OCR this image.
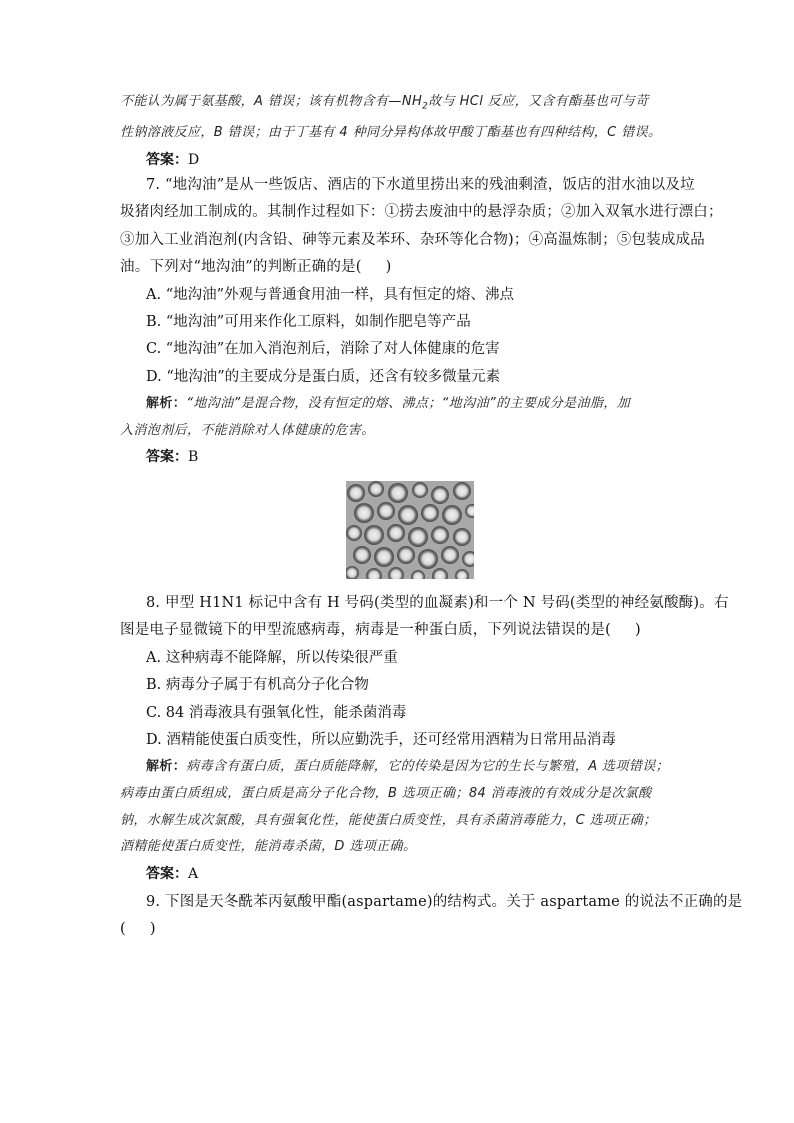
不能认为属于氨基酸，A 错误；该有机物含有$—NH_2$故与 HCl 反应，又含有酯基也可与苛

性钠溶液反应，B 错误；由于丁基有 4 种同分异构体故甲酸丁酯基也有四种结构，C 错误。

答案：D

7. “地沟油”是从一些饭店、酒店的下水道里捞出来的残油剩渣，饭店的泔水油以及垃

圾猪肉经加工制成的。其制作过程如下：①捞去废油中的悬浮杂质；②加入双氧水进行漂白；

③加入工业消泡剂(内含铅、砷等元素及苯环、杂环等化合物)；④高温炼制；⑤包装成成品

油。下列对“地沟油”的判断正确的是( )

A. “地沟油”外观与普通食用油一样，具有恒定的熔、沸点

B. “地沟油”可用来作化工原料，如制作肥皂等产品

C. “地沟油”在加入消泡剂后，消除了对人体健康的危害

D. “地沟油”的主要成分是蛋白质，还含有较多微量元素

解析：“地沟油”是混合物，没有恒定的熔、沸点；“地沟油”的主要成分是油脂，加

入消泡剂后，不能消除对人体健康的危害。

答案：B

8. 甲型 H1N1 标记中含有 H 号码(类型的血凝素)和一个 N 号码(类型的神经氨酸酶)。右

图是电子显微镜下的甲型流感病毒，病毒是一种蛋白质，下列说法错误的是( )

A. 这种病毒不能降解，所以传染很严重

B. 病毒分子属于有机高分子化合物

C. 84 消毒液具有强氧化性，能杀菌消毒

D. 酒精能使蛋白质变性，所以应勤洗手，还可经常用酒精为日常用品消毒

解析：病毒含有蛋白质，蛋白质能降解，它的传染是因为它的生长与繁殖，A 选项错误；

病毒由蛋白质组成，蛋白质是高分子化合物，B 选项正确；84 消毒液的有效成分是次氯酸

钠，水解生成次氯酸，具有强氧化性，能使蛋白质变性，具有杀菌消毒能力，C 选项正确；

酒精能使蛋白质变性，能消毒杀菌，D 选项正确。

答案：A

9. 下图是天冬酰苯丙氨酸甲酯(aspartame)的结构式。关于 aspartame 的说法不正确的是

( )
